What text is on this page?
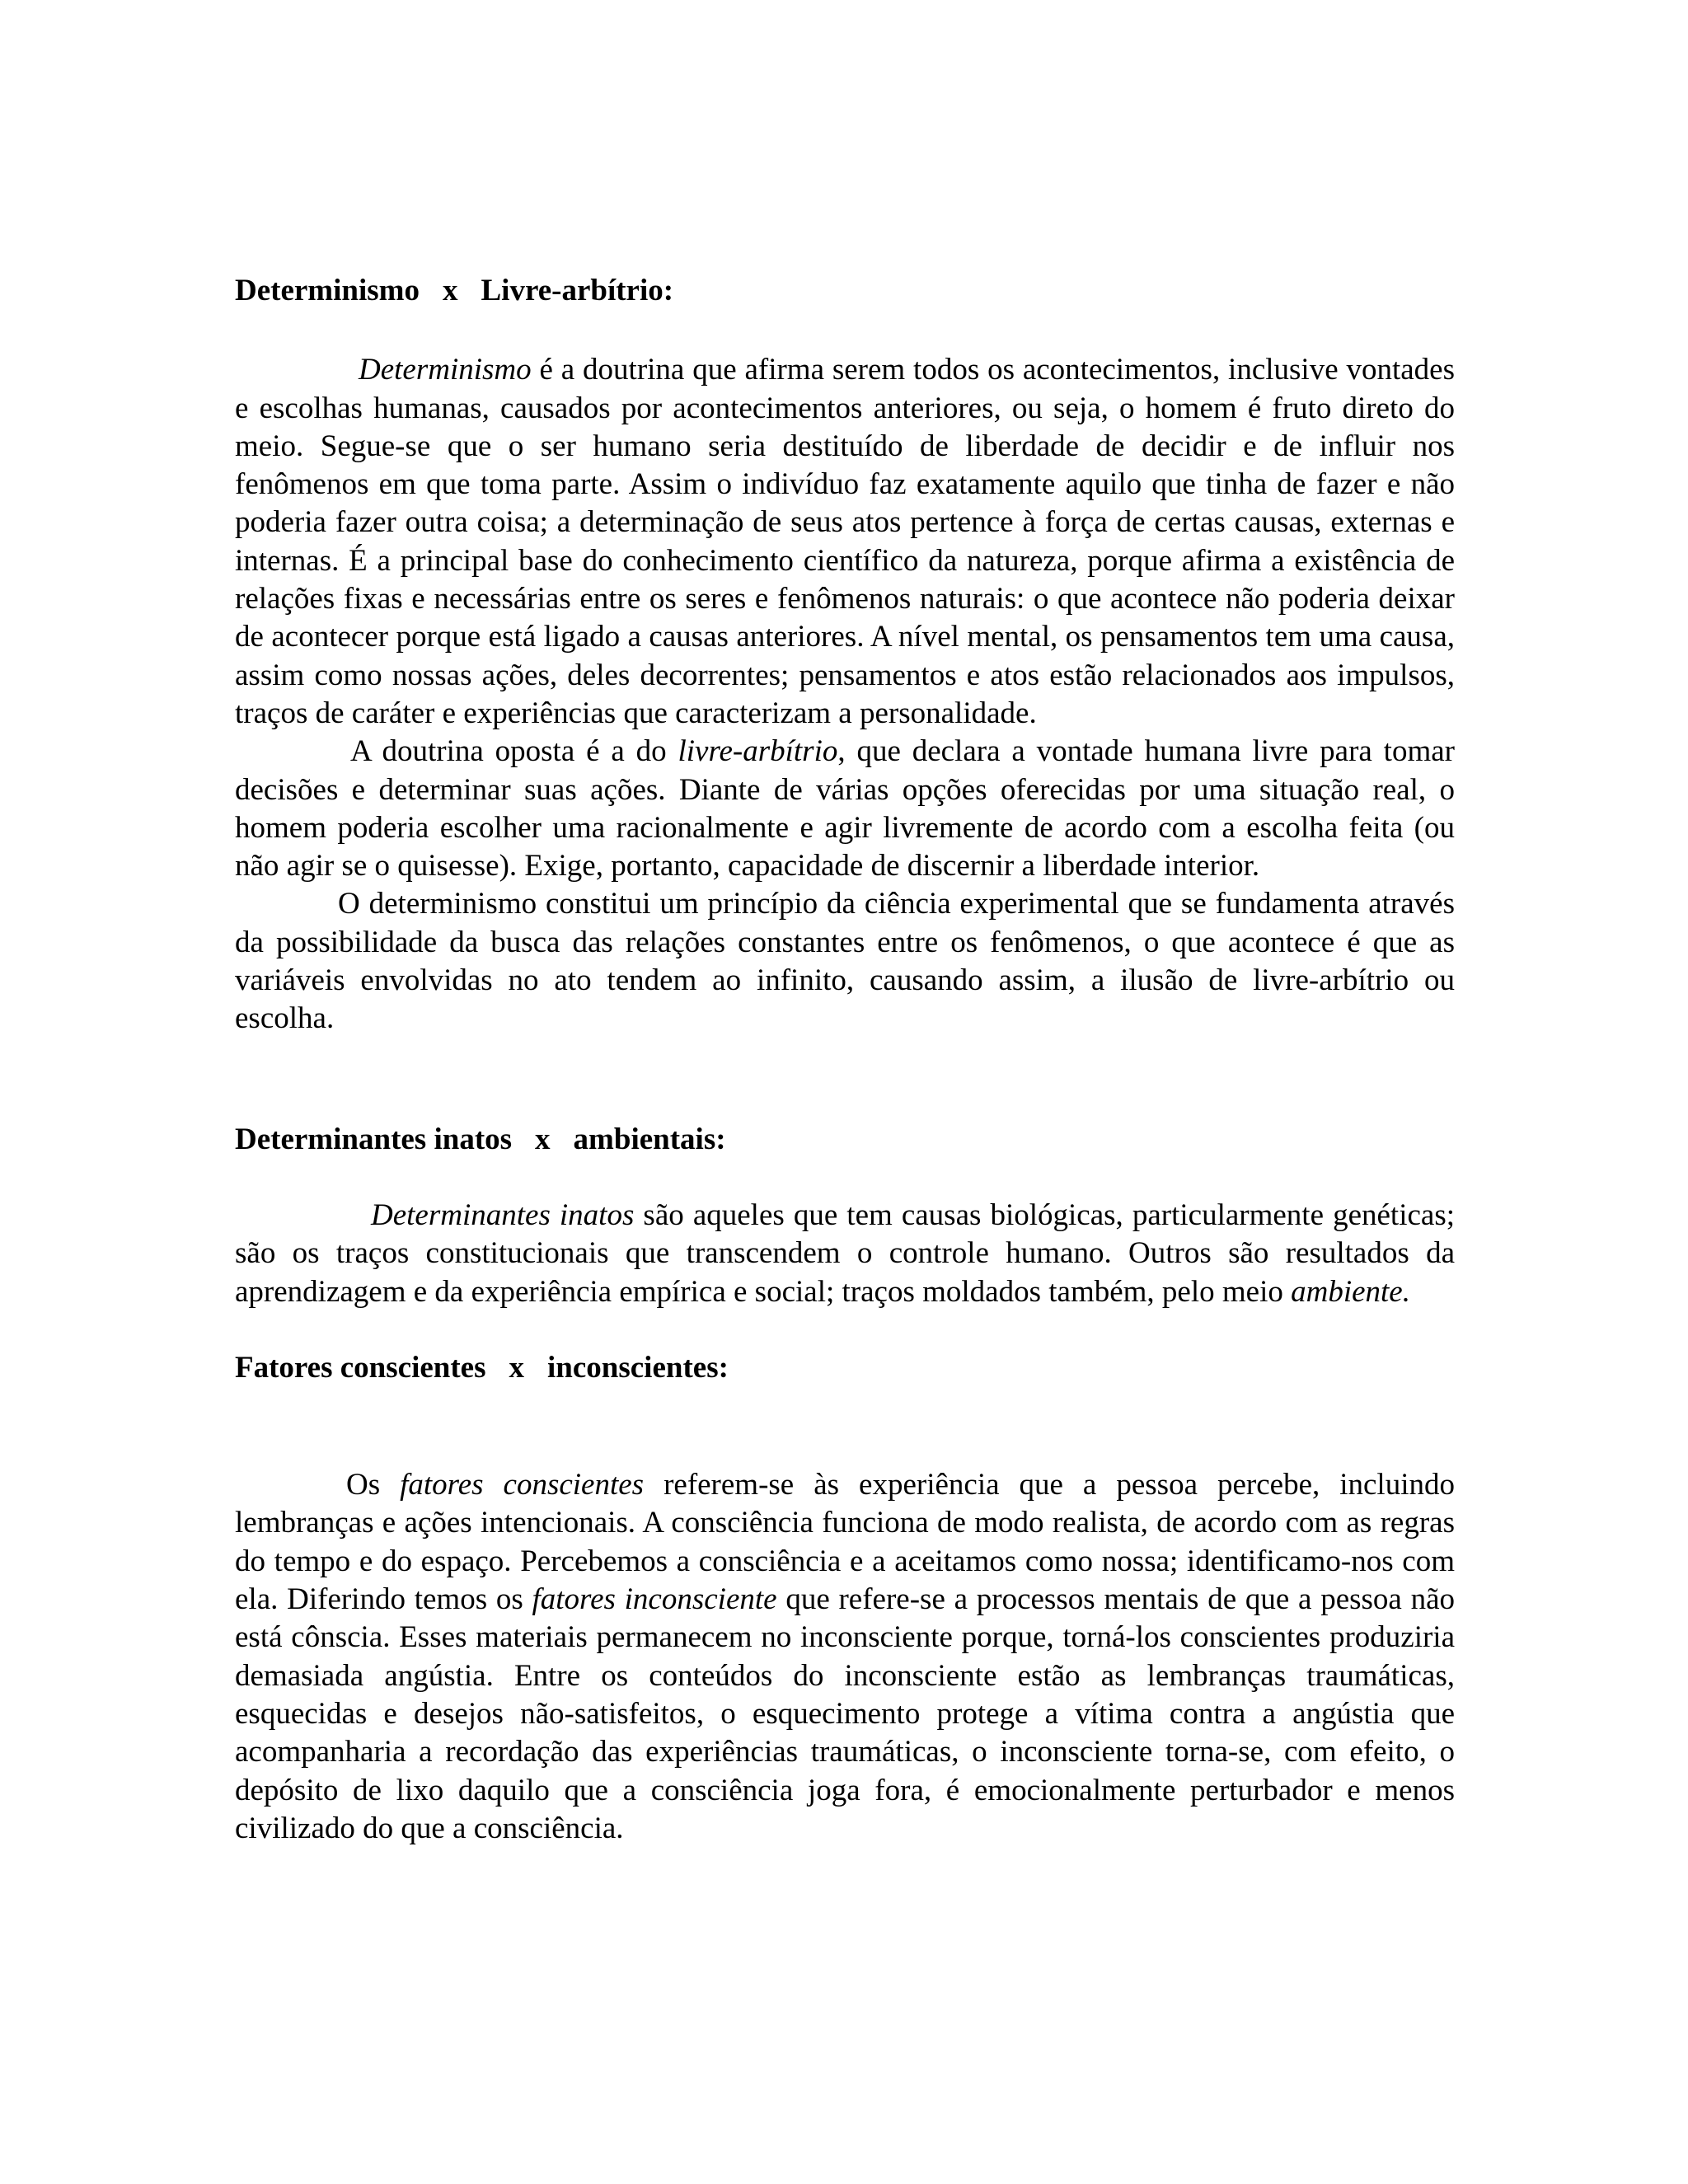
Determinismo x Livre-arbítrio:

Determinismo é a doutrina que afirma serem todos os acontecimentos, inclusive vontades e escolhas humanas, causados por acontecimentos anteriores, ou seja, o homem é fruto direto do meio. Segue-se que o ser humano seria destituído de liberdade de decidir e de influir nos fenômenos em que toma parte. Assim o indivíduo faz exatamente aquilo que tinha de fazer e não poderia fazer outra coisa; a determinação de seus atos pertence à força de certas causas, externas e internas. É a principal base do conhecimento científico da natureza, porque afirma a existência de relações fixas e necessárias entre os seres e fenômenos naturais: o que acontece não poderia deixar de acontecer porque está ligado a causas anteriores. A nível mental, os pensamentos tem uma causa, assim como nossas ações, deles decorrentes; pensamentos e atos estão relacionados aos impulsos, traços de caráter e experiências que caracterizam a personalidade.

A doutrina oposta é a do livre-arbítrio, que declara a vontade humana livre para tomar decisões e determinar suas ações. Diante de várias opções oferecidas por uma situação real, o homem poderia escolher uma racionalmente e agir livremente de acordo com a escolha feita (ou não agir se o quisesse). Exige, portanto, capacidade de discernir a liberdade interior.

O determinismo constitui um princípio da ciência experimental que se fundamenta através da possibilidade da busca das relações constantes entre os fenômenos, o que acontece é que as variáveis envolvidas no ato tendem ao infinito, causando assim, a ilusão de livre-arbítrio ou escolha.

Determinantes inatos x ambientais:

Determinantes inatos são aqueles que tem causas biológicas, particularmente genéticas; são os traços constitucionais que transcendem o controle humano. Outros são resultados da aprendizagem e da experiência empírica e social; traços moldados também, pelo meio ambiente.

Fatores conscientes x inconscientes:

Os fatores conscientes referem-se às experiência que a pessoa percebe, incluindo lembranças e ações intencionais. A consciência funciona de modo realista, de acordo com as regras do tempo e do espaço. Percebemos a consciência e a aceitamos como nossa; identificamo-nos com ela. Diferindo temos os fatores inconsciente que refere-se a processos mentais de que a pessoa não está cônscia. Esses materiais permanecem no inconsciente porque, torná-los conscientes produziria demasiada angústia. Entre os conteúdos do inconsciente estão as lembranças traumáticas, esquecidas e desejos não-satisfeitos, o esquecimento protege a vítima contra a angústia que acompanharia a recordação das experiências traumáticas, o inconsciente torna-se, com efeito, o depósito de lixo daquilo que a consciência joga fora, é emocionalmente perturbador e menos civilizado do que a consciência.
